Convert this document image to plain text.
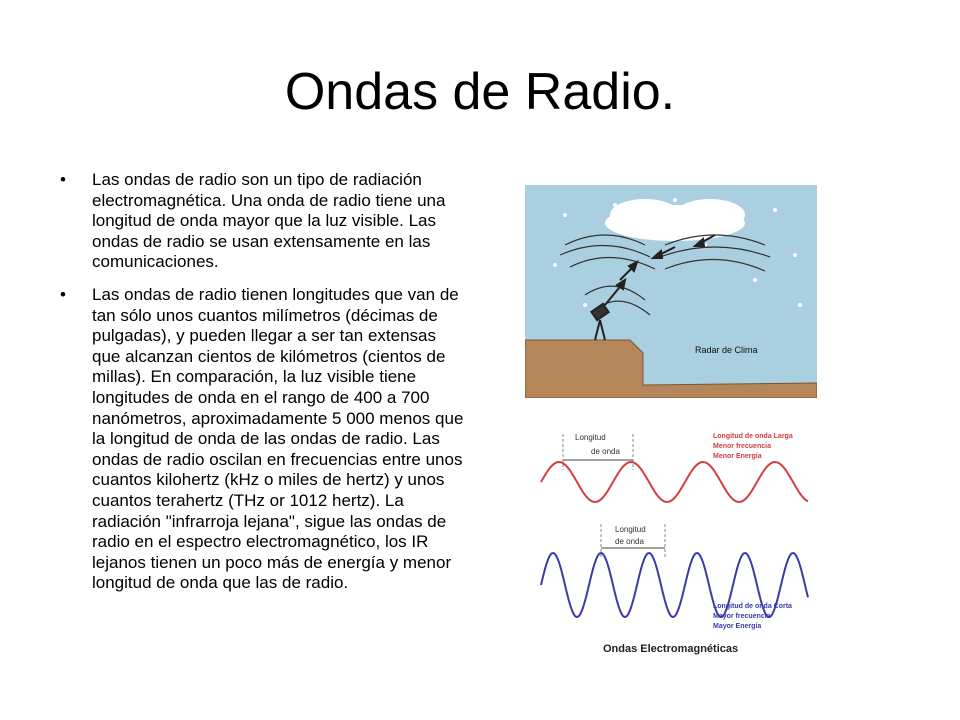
Ondas de Radio.
• Las ondas de radio son un tipo de radiación electromagnética. Una onda de radio tiene una longitud de onda mayor que la luz visible. Las ondas de radio se usan extensamente en las comunicaciones.
• Las ondas de radio tienen longitudes que van de tan sólo unos cuantos milímetros (décimas de pulgadas), y pueden llegar a ser tan extensas que alcanzan cientos de kilómetros (cientos de millas). En comparación, la luz visible tiene longitudes de onda en el rango de 400 a 700 nanómetros, aproximadamente 5 000 menos que la longitud de onda de las ondas de radio. Las ondas de radio oscilan en frecuencias entre unos cuantos kilohertz (kHz o miles de hertz) y unos cuantos terahertz (THz or 1012 hertz). La radiación "infrarroja lejana", sigue las ondas de radio en el espectro electromagnético, los IR lejanos tienen un poco más de energía y menor longitud de onda que las de radio.
Radar de Clima
Longitud
de onda
Longitud de onda Larga
Menor frecuencia
Menor Energía
Longitud
de onda
Longitud de onda Corta
Mayor frecuencia
Mayor Energía
Ondas Electromagnéticas
